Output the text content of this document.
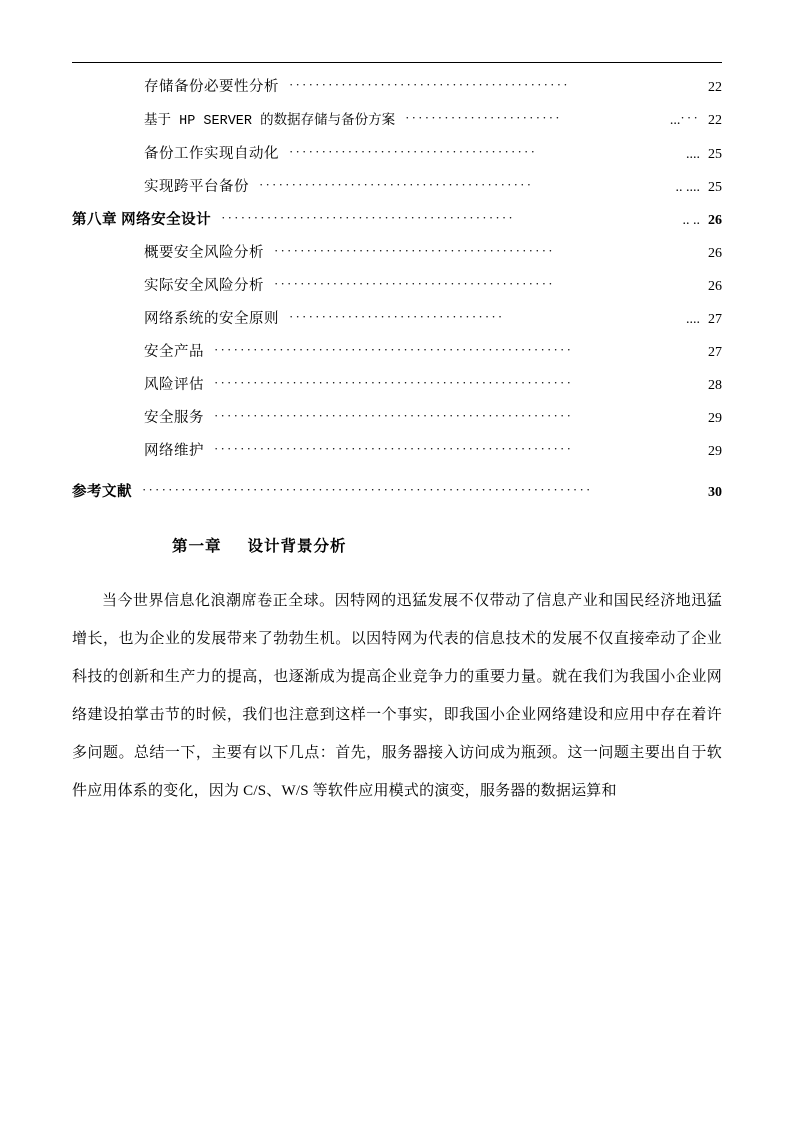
存储备份必要性分析 ···········································	22
基于 HP SERVER 的数据存储与备份方案 ························	... ··· 22
备份工作实现自动化 ······································	.... 25
实现跨平台备份 ··········································	.. .... 25
第八章 网络安全设计 ·············································	.. .. 26
概要安全风险分析 ···········································	26
实际安全风险分析 ···········································	26
网络系统的安全原则 ·································	.... 27
安全产品 ·······················································	27
风险评估 ·······················································	28
安全服务 ·······················································	29
网络维护 ·······················································	29
参考文献 ·····································································	30
第一章 设计背景分析
当今世界信息化浪潮席卷正全球。因特网的迅猛发展不仅带动了信息产业和国民经济地迅猛增长，也为企业的发展带来了勃勃生机。以因特网为代表的信息技术的发展不仅直接牵动了企业科技的创新和生产力的提高，也逐渐成为提高企业竞争力的重要力量。就在我们为我国小企业网络建设拍掌击节的时候，我们也注意到这样一个事实，即我国小企业网络建设和应用中存在着许多问题。总结一下，主要有以下几点：首先，服务器接入访问成为瓶颈。这一问题主要出自于软件应用体系的变化，因为 C/S、W/S 等软件应用模式的演变，服务器的数据运算和
